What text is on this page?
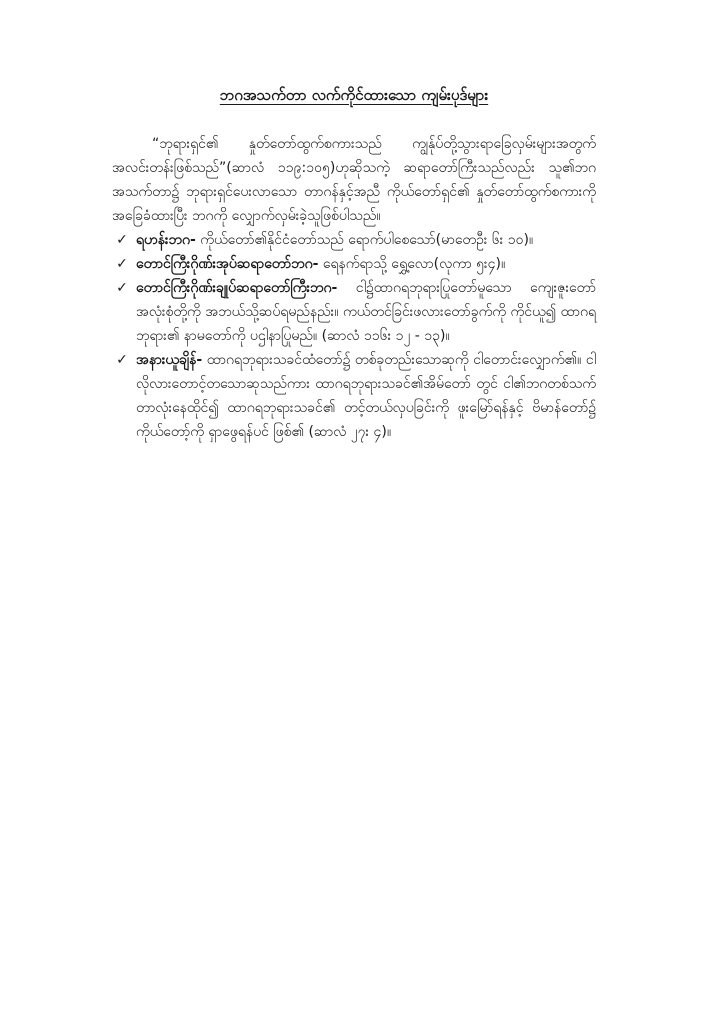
ဘဂအသက်တာ လက်ကိုင်ထားသော ကျမ်းပုဒ်များ

“ဘုရားရှင်၏ နှုတ်တော်ထွက်စကားသည် ကျွန်ုပ်တို့သွားရာခြေလှမ်းများအတွက် အလင်းတန်းဖြစ်သည်”(ဆာလံ ၁၁၉:၁၀၅)ဟုဆိုသကဲ့ ဆရာတော်ကြီးသည်လည်း သူ၏ဘဂ အသက်တာ၌ ဘုရားရှင်ပေးလာသော တာဂန်နှင့်အညီ ကိုယ်တော်ရှင်၏ နှုတ်တော်ထွက်စကားကို အခြေခံထားပြီး ဘဂကို လျှောက်လှမ်းခဲ့သူဖြစ်ပါသည်။

✓ ရဟန်းဘဂ- ကိုယ်တော်၏နိုင်ငံတော်သည် ရောက်ပါစေသော်(မာတေဦး ၆း ၁၀)။
✓ တောင်ကြီးဂိုဏ်းအုပ်ဆရာတော်ဘဂ- ရေနက်ရာသို့ ရွှေ့လော(လုကာ ၅း၄)။
✓ တောင်ကြီးဂိုဏ်းချုပ်ဆရာတော်ကြီးဘဂ- ငါ၌ထာဂရဘုရားပြုတော်မူသော ကျေးဇူးတော်အလုံးစုံတို့ကို အဘယ်သို့ဆပ်ရမည်နည်း။ ကယ်တင်ခြင်းဖလားတော်ခွက်ကို ကိုင်ယူ၍ ထာဂရ ဘုရား၏ နာမတော်ကို ပဌါနာပြုမည်။ (ဆာလံ ၁၁၆း ၁၂ - ၁၃)။
✓ အနားယူချိန်- ထာဂရဘုရားသခင်ထံတော်၌ တစ်ခုတည်းသောဆုကို ငါတောင်းလျှောက်၏။ ငါလိုလားတောင့်တသောဆုသည်ကား ထာဂရဘုရားသခင်၏အိမ်တော် တွင် ငါ၏ဘဂတစ်သက်တာလုံးနေထိုင်၍ ထာဂရဘုရားသခင်၏ တင့်တယ်လှပခြင်းကို ဖူးမြော်ရန်နှင့် ဗိမာန်တော်၌ ကိုယ်တော့်ကို ရှာဖွေရန်ပင် ဖြစ်၏ (ဆာလံ ၂၇း ၄)။
